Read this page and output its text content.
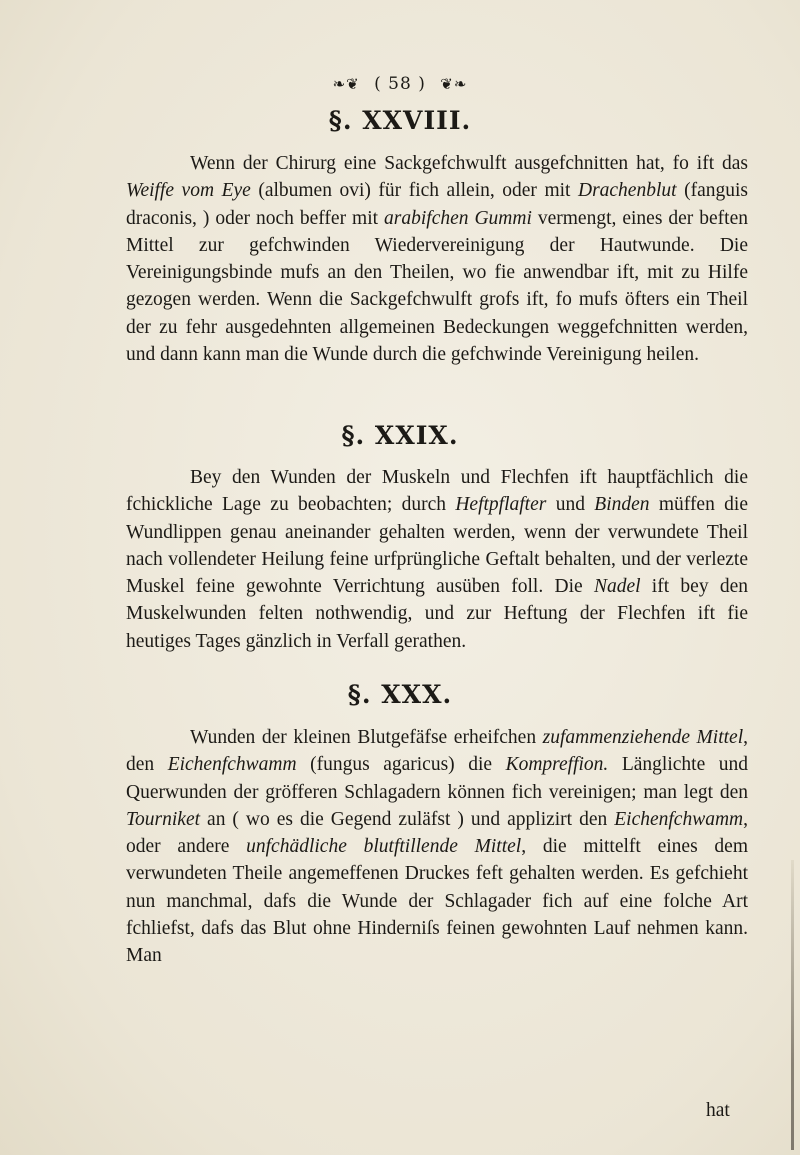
❧❦ ( 58 ) ❦❧
§. XXVIII.
Wenn der Chirurg eine Sackgefchwulft ausgefchnitten hat, fo ift das Weiffe vom Eye (albumen ovi) für fich allein, oder mit Drachenblut (fanguis draconis, ) oder noch beffer mit arabifchen Gummi vermengt, eines der beften Mittel zur gefchwinden Wiedervereinigung der Hautwunde. Die Vereinigungsbinde mufs an den Theilen, wo fie anwendbar ift, mit zu Hilfe gezogen werden. Wenn die Sackgefchwulft grofs ift, fo mufs öfters ein Theil der zu fehr ausgedehnten allgemeinen Bedeckungen weggefchnitten werden, und dann kann man die Wunde durch die gefchwinde Vereinigung heilen.
§. XXIX.
Bey den Wunden der Muskeln und Flechfen ift hauptfächlich die fchickliche Lage zu beobachten; durch Heftpflafter und Binden müffen die Wundlippen genau aneinander gehalten werden, wenn der verwundete Theil nach vollendeter Heilung feine urfprüngliche Geftalt behalten, und der verlezte Muskel feine gewohnte Verrichtung ausüben foll. Die Nadel ift bey den Muskelwunden felten nothwendig, und zur Heftung der Flechfen ift fie heutiges Tages gänzlich in Verfall gerathen.
§. XXX.
Wunden der kleinen Blutgefäfse erheifchen zufammenziehende Mittel, den Eichenfchwamm (fungus agaricus) die Kompreffion. Länglichte und Querwunden der gröfferen Schlagadern können fich vereinigen; man legt den Tourniket an ( wo es die Gegend zuläfst ) und applizirt den Eichenfchwamm, oder andere unfchädliche blutftillende Mittel, die mittelft eines dem verwundeten Theile angemeffenen Druckes feft gehalten werden. Es gefchieht nun manchmal, dafs die Wunde der Schlagader fich auf eine folche Art fchliefst, dafs das Blut ohne Hinderniſs feinen gewohnten Lauf nehmen kann. Man
hat
